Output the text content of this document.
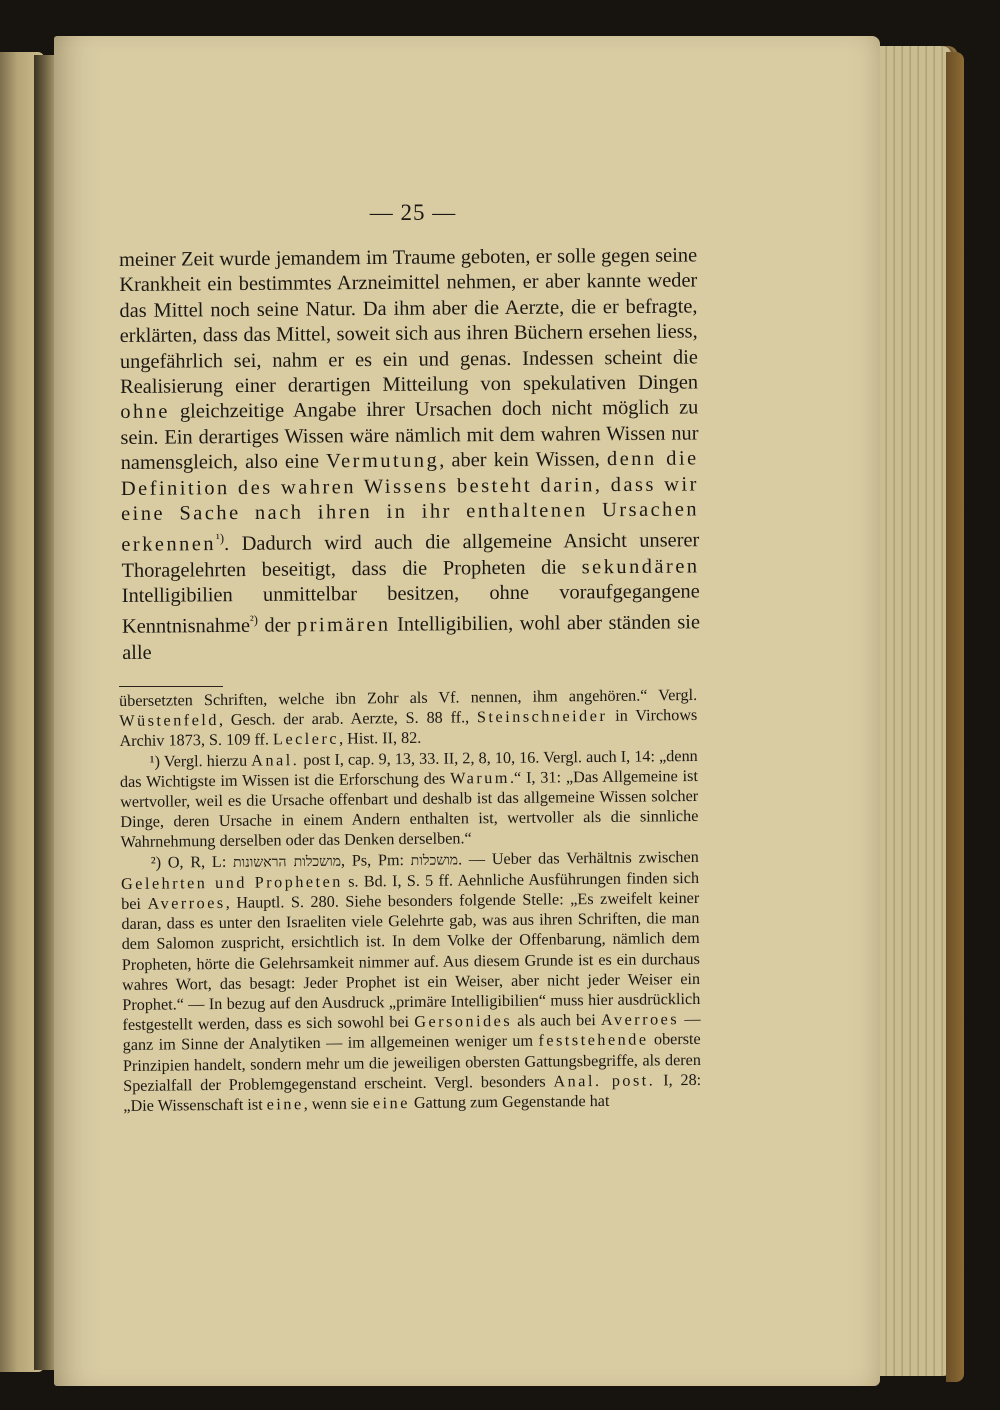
— 25 —

meiner Zeit wurde jemandem im Traume geboten, er solle gegen seine Krankheit ein bestimmtes Arzneimittel nehmen, er aber kannte weder das Mittel noch seine Natur. Da ihm aber die Aerzte, die er befragte, erklärten, dass das Mittel, soweit sich aus ihren Büchern ersehen liess, ungefährlich sei, nahm er es ein und genas. Indessen scheint die Realisierung einer derartigen Mitteilung von spekulativen Dingen ohne gleichzeitige Angabe ihrer Ursachen doch nicht möglich zu sein. Ein derartiges Wissen wäre nämlich mit dem wahren Wissen nur namensgleich, also eine Vermutung, aber kein Wissen, denn die Definition des wahren Wissens besteht darin, dass wir eine Sache nach ihren in ihr enthaltenen Ursachen erkennen$^{^1)}$. Dadurch wird auch die allgemeine Ansicht unserer Thoragelehrten beseitigt, dass die Propheten die sekundären Intelligibilien unmittelbar besitzen, ohne voraufgegangene Kenntnisnahme$^{^2)}$ der primären Intelligibilien, wohl aber ständen sie alle

übersetzten Schriften, welche ibn Zohr als Vf. nennen, ihm angehören.“ Vergl. Wüstenfeld, Gesch. der arab. Aerzte, S. 88 ff., Steinschneider in Virchows Archiv 1873, S. 109 ff. Leclerc, Hist. II, 82.

¹) Vergl. hierzu Anal. post I, cap. 9, 13, 33. II, 2, 8, 10, 16. Vergl. auch I, 14: „denn das Wichtigste im Wissen ist die Erforschung des Warum.“ I, 31: „Das Allgemeine ist wertvoller, weil es die Ursache offenbart und deshalb ist das allgemeine Wissen solcher Dinge, deren Ursache in einem Andern enthalten ist, wertvoller als die sinnliche Wahrnehmung derselben oder das Denken derselben.“

²) O, R, L: מושכלות הראשונות, Ps, Pm: מושכלות. — Ueber das Verhältnis zwischen Gelehrten und Propheten s. Bd. I, S. 5 ff. Aehnliche Ausführungen finden sich bei Averroes, Hauptl. S. 280. Siehe besonders folgende Stelle: „Es zweifelt keiner daran, dass es unter den Israeliten viele Gelehrte gab, was aus ihren Schriften, die man dem Salomon zuspricht, ersichtlich ist. In dem Volke der Offenbarung, nämlich dem Propheten, hörte die Gelehrsamkeit nimmer auf. Aus diesem Grunde ist es ein durchaus wahres Wort, das besagt: Jeder Prophet ist ein Weiser, aber nicht jeder Weiser ein Prophet.“ — In bezug auf den Ausdruck „primäre Intelligibilien“ muss hier ausdrücklich festgestellt werden, dass es sich sowohl bei Gersonides als auch bei Averroes — ganz im Sinne der Analytiken — im allgemeinen weniger um feststehende oberste Prinzipien handelt, sondern mehr um die jeweiligen obersten Gattungsbegriffe, als deren Spezialfall der Problemgegenstand erscheint. Vergl. besonders Anal. post. I, 28: „Die Wissenschaft ist eine, wenn sie eine Gattung zum Gegenstande hat
